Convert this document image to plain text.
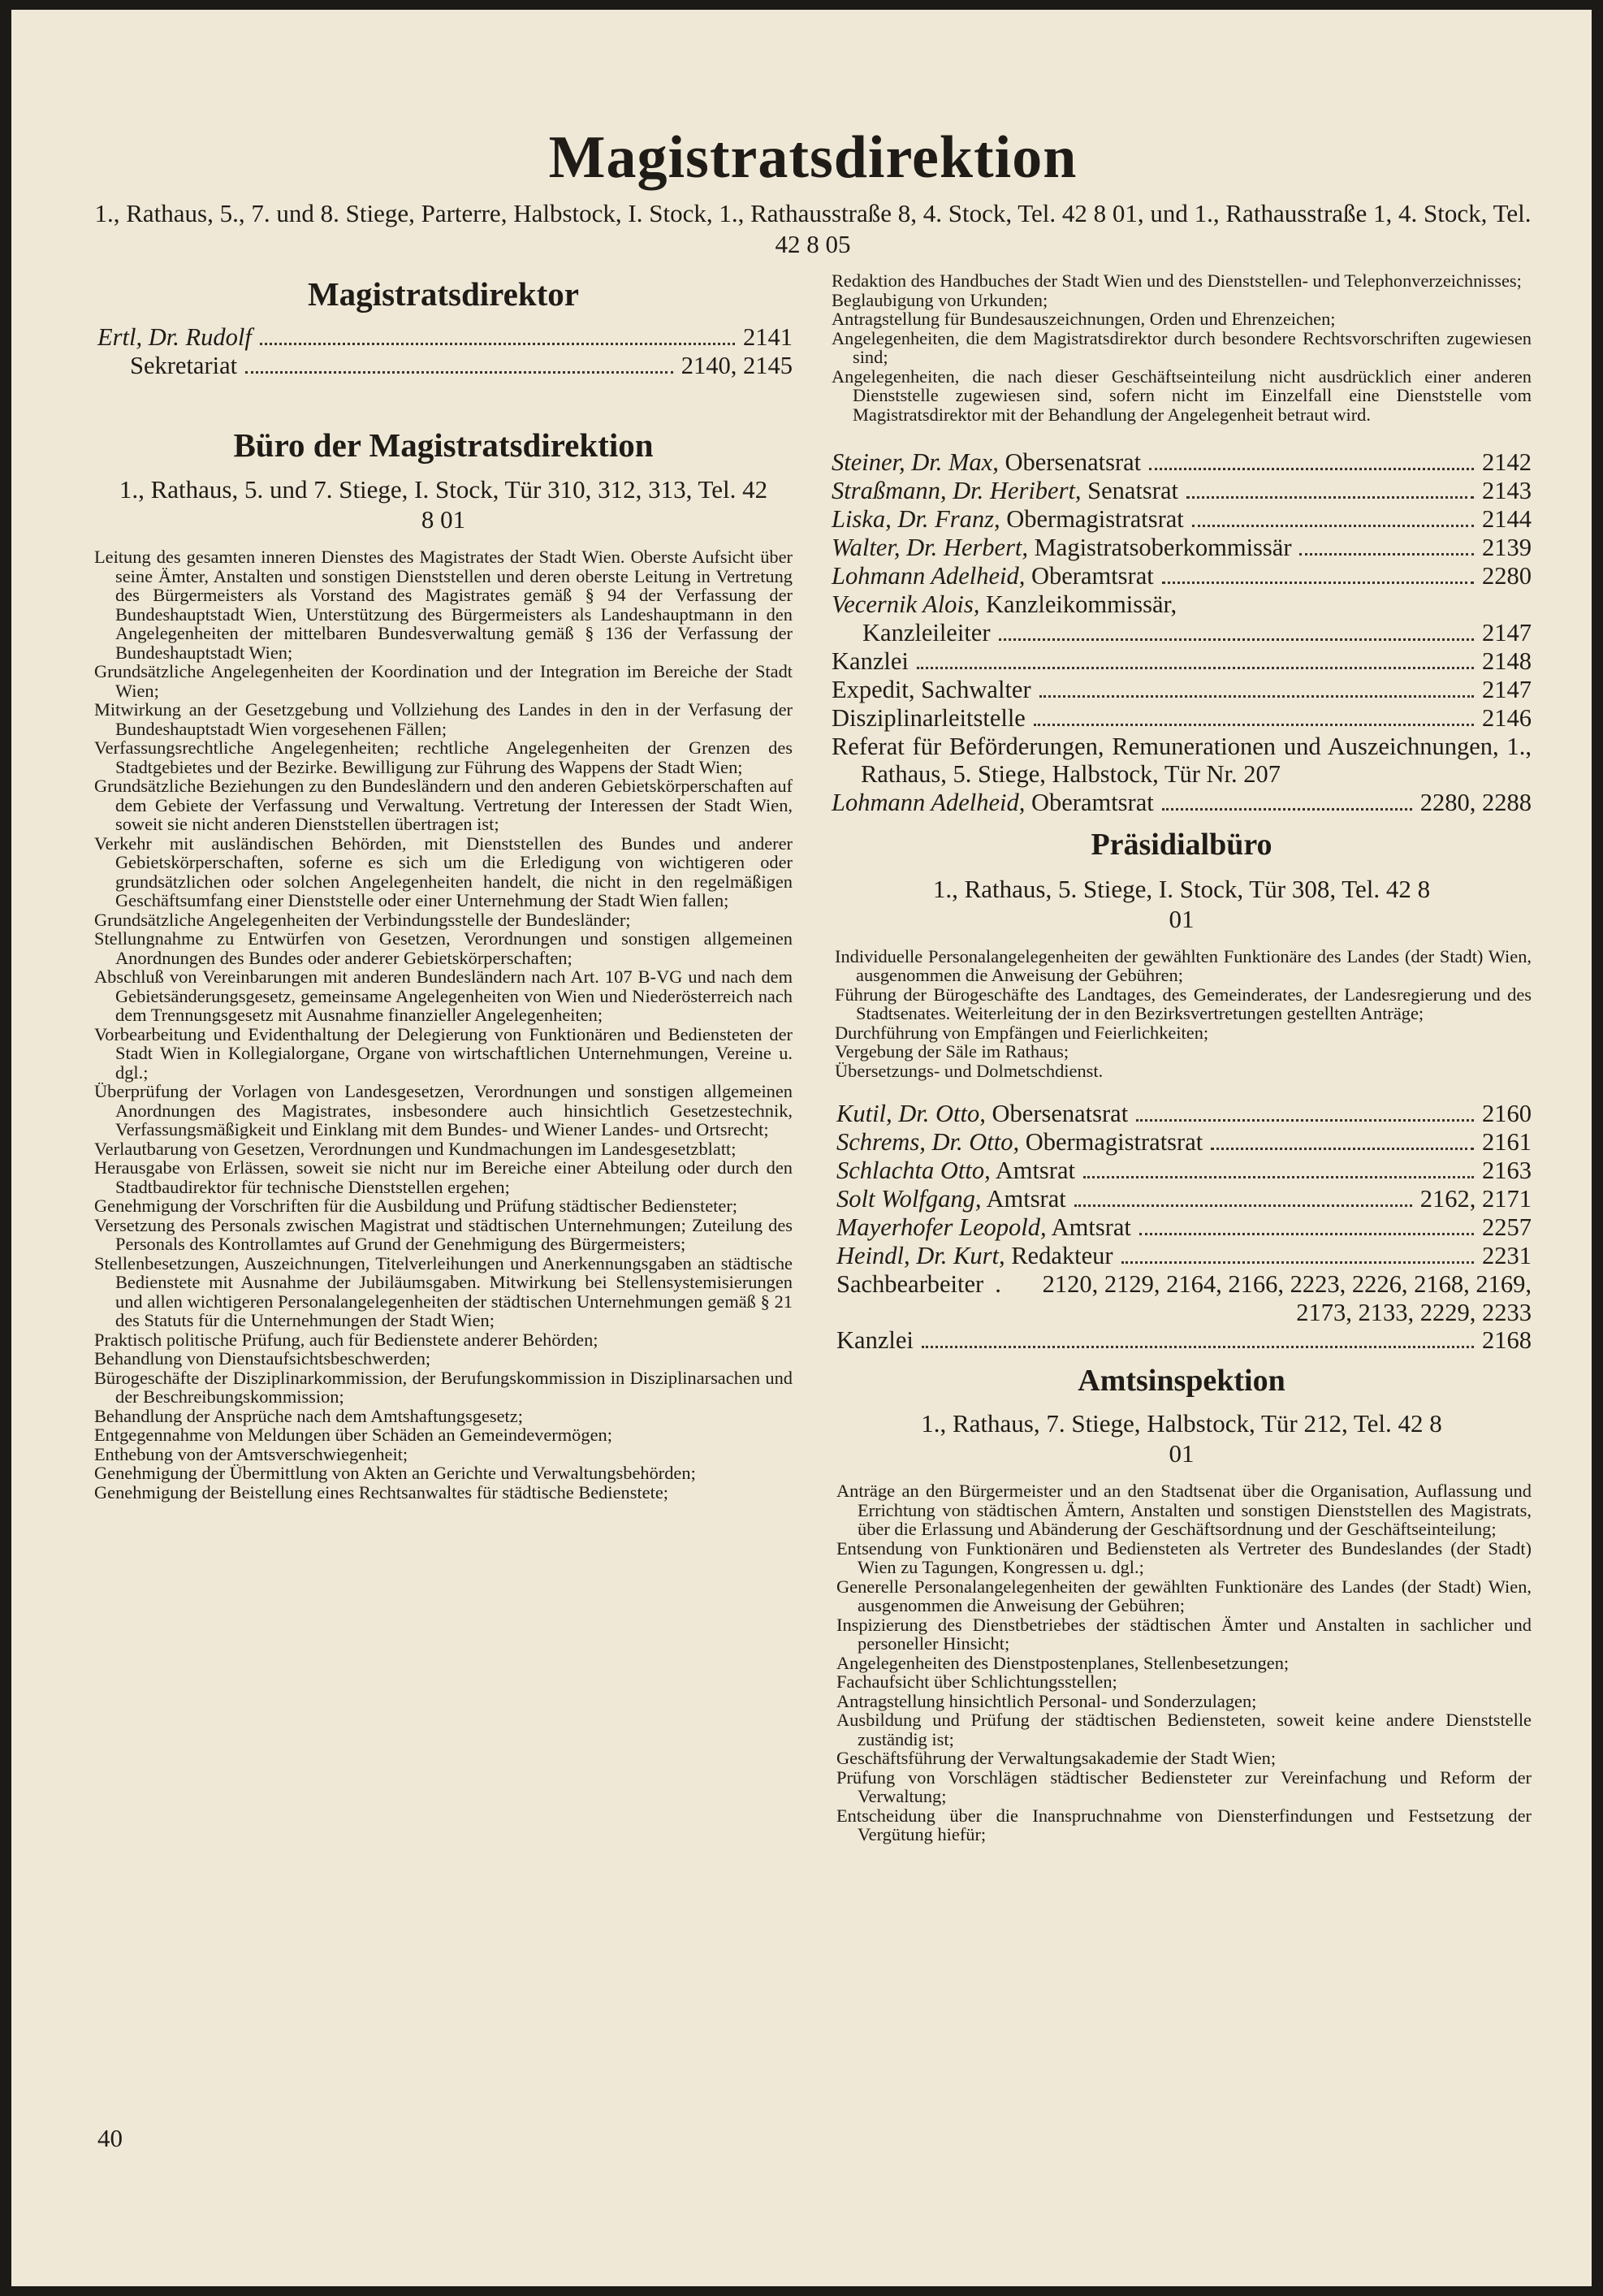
Magistratsdirektion

1., Rathaus, 5., 7. und 8. Stiege, Parterre, Halbstock, I. Stock, 1., Rathausstraße 8, 4. Stock, Tel. 42 8 01, und 1., Rathausstraße 1, 4. Stock, Tel. 42 8 05

Magistratsdirektor
Ertl, Dr. Rudolf	2141
Sekretariat	2140, 2145
Büro der Magistratsdirektion

1., Rathaus, 5. und 7. Stiege, I. Stock, Tür 310, 312, 313, Tel. 42 8 01

Leitung des gesamten inneren Dienstes des Magistrates der Stadt Wien. Oberste Aufsicht über seine Ämter, Anstalten und sonstigen Dienststellen und deren oberste Leitung in Vertretung des Bürgermeisters als Vorstand des Magistrates gemäß § 94 der Verfassung der Bundeshauptstadt Wien, Unterstützung des Bürgermeisters als Landeshauptmann in den Angelegenheiten der mittelbaren Bundesverwaltung gemäß § 136 der Verfassung der Bundeshauptstadt Wien;
Grundsätzliche Angelegenheiten der Koordination und der Integration im Bereiche der Stadt Wien;
Mitwirkung an der Gesetzgebung und Vollziehung des Landes in den in der Verfasung der Bundeshauptstadt Wien vorgesehenen Fällen;
Verfassungsrechtliche Angelegenheiten; rechtliche Angelegenheiten der Grenzen des Stadtgebietes und der Bezirke. Bewilligung zur Führung des Wappens der Stadt Wien;
Grundsätzliche Beziehungen zu den Bundesländern und den anderen Gebietskörperschaften auf dem Gebiete der Verfassung und Verwaltung. Vertretung der Interessen der Stadt Wien, soweit sie nicht anderen Dienststellen übertragen ist;
Verkehr mit ausländischen Behörden, mit Dienststellen des Bundes und anderer Gebietskörperschaften, soferne es sich um die Erledigung von wichtigeren oder grundsätzlichen oder solchen Angelegenheiten handelt, die nicht in den regelmäßigen Geschäftsumfang einer Dienststelle oder einer Unternehmung der Stadt Wien fallen;
Grundsätzliche Angelegenheiten der Verbindungsstelle der Bundesländer;
Stellungnahme zu Entwürfen von Gesetzen, Verordnungen und sonstigen allgemeinen Anordnungen des Bundes oder anderer Gebietskörperschaften;
Abschluß von Vereinbarungen mit anderen Bundesländern nach Art. 107 B-VG und nach dem Gebietsänderungsgesetz, gemeinsame Angelegenheiten von Wien und Niederösterreich nach dem Trennungsgesetz mit Ausnahme finanzieller Angelegenheiten;
Vorbearbeitung und Evidenthaltung der Delegierung von Funktionären und Bediensteten der Stadt Wien in Kollegialorgane, Organe von wirtschaftlichen Unternehmungen, Vereine u. dgl.;
Überprüfung der Vorlagen von Landesgesetzen, Verordnungen und sonstigen allgemeinen Anordnungen des Magistrates, insbesondere auch hinsichtlich Gesetzestechnik, Verfassungsmäßigkeit und Einklang mit dem Bundes- und Wiener Landes- und Ortsrecht;
Verlautbarung von Gesetzen, Verordnungen und Kundmachungen im Landesgesetzblatt;
Herausgabe von Erlässen, soweit sie nicht nur im Bereiche einer Abteilung oder durch den Stadtbaudirektor für technische Dienststellen ergehen;
Genehmigung der Vorschriften für die Ausbildung und Prüfung städtischer Bediensteter;
Versetzung des Personals zwischen Magistrat und städtischen Unternehmungen; Zuteilung des Personals des Kontrollamtes auf Grund der Genehmigung des Bürgermeisters;
Stellenbesetzungen, Auszeichnungen, Titelverleihungen und Anerkennungsgaben an städtische Bedienstete mit Ausnahme der Jubiläumsgaben. Mitwirkung bei Stellensystemisierungen und allen wichtigeren Personalangelegenheiten der städtischen Unternehmungen gemäß § 21 des Statuts für die Unternehmungen der Stadt Wien;
Praktisch politische Prüfung, auch für Bedienstete anderer Behörden;
Behandlung von Dienstaufsichtsbeschwerden;
Bürogeschäfte der Disziplinarkommission, der Berufungskommission in Disziplinarsachen und der Beschreibungskommission;
Behandlung der Ansprüche nach dem Amtshaftungsgesetz;
Entgegennahme von Meldungen über Schäden an Gemeindevermögen;
Enthebung von der Amtsverschwiegenheit;
Genehmigung der Übermittlung von Akten an Gerichte und Verwaltungsbehörden;
Genehmigung der Beistellung eines Rechtsanwaltes für städtische Bedienstete;
Redaktion des Handbuches der Stadt Wien und des Dienststellen- und Telephonverzeichnisses;
Beglaubigung von Urkunden;
Antragstellung für Bundesauszeichnungen, Orden und Ehrenzeichen;
Angelegenheiten, die dem Magistratsdirektor durch besondere Rechtsvorschriften zugewiesen sind;
Angelegenheiten, die nach dieser Geschäftseinteilung nicht ausdrücklich einer anderen Dienststelle zugewiesen sind, sofern nicht im Einzelfall eine Dienststelle vom Magistratsdirektor mit der Behandlung der Angelegenheit betraut wird.
Steiner, Dr. Max, Obersenatsrat	2142
Straßmann, Dr. Heribert, Senatsrat	2143
Liska, Dr. Franz, Obermagistratsrat	2144
Walter, Dr. Herbert, Magistratsoberkommissär	2139
Lohmann Adelheid, Oberamtsrat	2280
Vecernik Alois, Kanzleikommissär,
Kanzleileiter	2147
Kanzlei	2148
Expedit, Sachwalter	2147
Disziplinarleitstelle	2146
Referat für Beförderungen, Remunerationen und Auszeichnungen, 1., Rathaus, 5. Stiege, Halbstock, Tür Nr. 207
Lohmann Adelheid, Oberamtsrat	2280, 2288
Präsidialbüro

1., Rathaus, 5. Stiege, I. Stock, Tür 308, Tel. 42 8 01

Individuelle Personalangelegenheiten der gewählten Funktionäre des Landes (der Stadt) Wien, ausgenommen die Anweisung der Gebühren;
Führung der Bürogeschäfte des Landtages, des Gemeinderates, der Landesregierung und des Stadtsenates. Weiterleitung der in den Bezirksvertretungen gestellten Anträge;
Durchführung von Empfängen und Feierlichkeiten;
Vergebung der Säle im Rathaus;
Übersetzungs- und Dolmetschdienst.
Kutil, Dr. Otto, Obersenatsrat	2160
Schrems, Dr. Otto, Obermagistratsrat	2161
Schlachta Otto, Amtsrat	2163
Solt Wolfgang, Amtsrat	2162, 2171
Mayerhofer Leopold, Amtsrat	2257
Heindl, Dr. Kurt, Redakteur	2231
Sachbearbeiter .	2120, 2129, 2164, 2166, 2223, 2226, 2168, 2169, 2173, 2133, 2229, 2233
Kanzlei	2168
Amtsinspektion

1., Rathaus, 7. Stiege, Halbstock, Tür 212, Tel. 42 8 01

Anträge an den Bürgermeister und an den Stadtsenat über die Organisation, Auflassung und Errichtung von städtischen Ämtern, Anstalten und sonstigen Dienststellen des Magistrats, über die Erlassung und Abänderung der Geschäftsordnung und der Geschäftseinteilung;
Entsendung von Funktionären und Bediensteten als Vertreter des Bundeslandes (der Stadt) Wien zu Tagungen, Kongressen u. dgl.;
Generelle Personalangelegenheiten der gewählten Funktionäre des Landes (der Stadt) Wien, ausgenommen die Anweisung der Gebühren;
Inspizierung des Dienstbetriebes der städtischen Ämter und Anstalten in sachlicher und personeller Hinsicht;
Angelegenheiten des Dienstpostenplanes, Stellenbesetzungen;
Fachaufsicht über Schlichtungsstellen;
Antragstellung hinsichtlich Personal- und Sonderzulagen;
Ausbildung und Prüfung der städtischen Bediensteten, soweit keine andere Dienststelle zuständig ist;
Geschäftsführung der Verwaltungsakademie der Stadt Wien;
Prüfung von Vorschlägen städtischer Bediensteter zur Vereinfachung und Reform der Verwaltung;
Entscheidung über die Inanspruchnahme von Diensterfindungen und Festsetzung der Vergütung hiefür;

40
